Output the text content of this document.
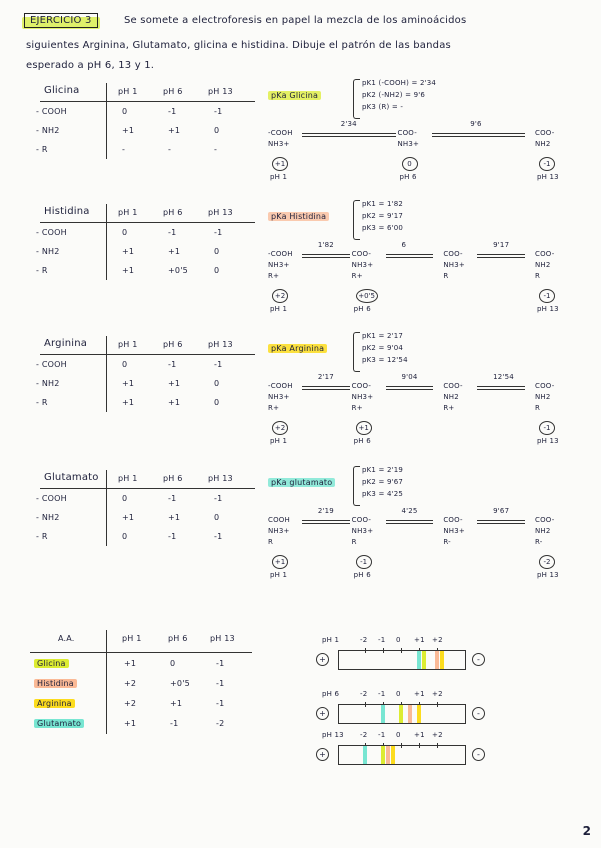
EJERCICIO 3	Se somete a electroforesis en papel la mezcla de los aminoácidos
siguientes Arginina, Glutamato, glicina e histidina. Dibuje el patrón de las bandas
esperado a pH 6, 13 y 1.
Glicina	pH 1	pH 6	pH 13
- COOH	0	-1	-1
- NH2	+1	+1	0
- R	-	-	-
pKa Glicina
pK1 (-COOH) = 2'34
pK2 (-NH2) = 9'6
pK3 (R) = -
-COOH
NH3+
2'34
COO-
NH3+
9'6
COO-
NH2
+1
pH 1
0
pH 6
-1
pH 13
Histidina	pH 1	pH 6	pH 13
- COOH	0	-1	-1
- NH2	+1	+1	0
- R	+1	+0'5	0
pKa Histidina
pK1 = 1'82
pK2 = 9'17
pK3 = 6'00
-COOH
NH3+
R+
1'82
COO-
NH3+
R+
6
COO-
NH3+
R
9'17
COO-
NH2
R
+2
pH 1
+0'5
pH 6
-1
pH 13
Arginina	pH 1	pH 6	pH 13
- COOH	0	-1	-1
- NH2	+1	+1	0
- R	+1	+1	0
pKa Arginina
pK1 = 2'17
pK2 = 9'04
pK3 = 12'54
-COOH
NH3+
R+
2'17
COO-
NH3+
R+
9'04
COO-
NH2
R+
12'54
COO-
NH2
R
+2
pH 1
+1
pH 6
-1
pH 13
Glutamato pH 1	pH 6	pH 13
- COOH	0	-1	-1
- NH2	+1	+1	0
- R	0	-1	-1
pKa glutamato
pK1 = 2'19
pK2 = 9'67
pK3 = 4'25
COOH
NH3+
R
2'19
COO-
NH3+
R
4'25
COO-
NH3+
R-
9'67
COO-
NH2
R-
+1
pH 1
-1
pH 6
-2
pH 13
A.A.	pH 1	pH 6	pH 13
Glicina	+1	0	-1
Histidina	+2	+0'5	-1
Arginina	+2	+1	-1
Glutamato	+1	-1	-2
pH 1	-2 -1 0 +1 +2
+	-
pH 6	-2 -1 0 +1 +2
+	-
pH 13 -2 -1 0 +1 +2
+	-
2
